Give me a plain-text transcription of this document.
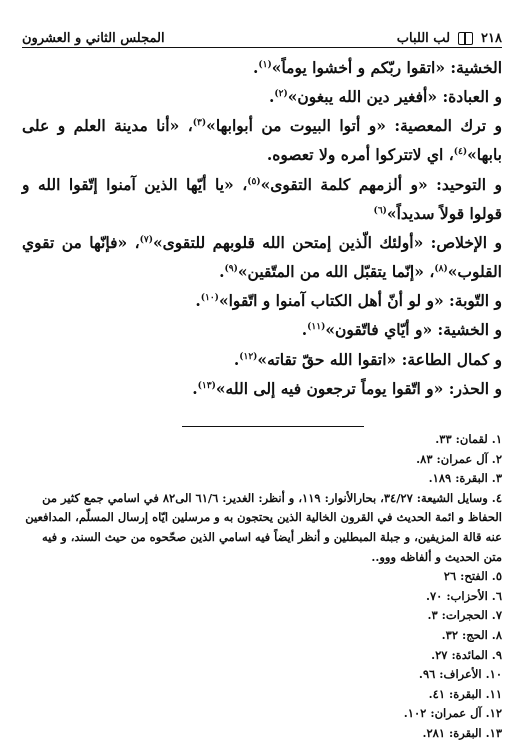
٢١٨
لب اللباب
المجلس الثاني و العشرون

الخشية: «اتقوا ربّكم و أخشوا يوماً»$^{(١)}$.

و العبادة: «أفغير دين الله يبغون»$^{(٢)}$.

و ترك المعصية: «و أتوا البيوت من أبوابها»$^{(٣)}$، «أنا مدينة العلم و على بابها»$^{(٤)}$، اي لاتتركوا أمره ولا تعصوه.

و التوحيد: «و ألزمهم كلمة التقوى»$^{(٥)}$، «يا أيّها الذين آمنوا إتّقوا الله و قولوا قولاً سديداً»$^{(٦)}$

و الإخلاص: «أولئك الّذين إمتحن الله قلوبهم للتقوى»$^{(٧)}$، «فإنّها من تقوي القلوب»$^{(٨)}$، «إنّما يتقبّل الله من المتّقين»$^{(٩)}$.

و التّوبة: «و لو أنّ أهل الكتاب آمنوا و اتّقوا»$^{(١٠)}$.

و الخشية: «و أيّاي فاتّقون»$^{(١١)}$.

و كمال الطاعة: «اتقوا الله حقّ تقاته»$^{(١٢)}$.

و الحذر: «و اتّقوا يوماً ترجعون فيه إلى الله»$^{(١٣)}$.

١. لقمان: ٣٣.

٢. آل عمران: ٨٣.

٣. البقرة: ١٨٩.

٤. وسايل الشيعة: ٣٤/٢٧، بحارالأنوار: ١١٩، و أنظر: الغدير: ٦١/٦ الى٨٢ في اسامي جمع كثير من الحفاظ و ائمة الحديث في القرون الخالية الذين يحتجون به و مرسلين ايّاه إرسال المسلّم، المدافعين عنه قالة المزيفين، و جبلة المبطلين و أنظر أيضاً فيه اسامي الذين صحّحوه من حيث السند، و فيه متن الحديث و ألفاظه ووو..

٥. الفتح: ٢٦

٦. الأحزاب: ٧٠.

٧. الحجرات: ٣.

٨. الحج: ٣٢.

٩. المائدة: ٢٧.

١٠. الأعراف: ٩٦.

١١. البقرة: ٤١.

١٢. آل عمران: ١٠٢.

١٣. البقرة: ٢٨١.
